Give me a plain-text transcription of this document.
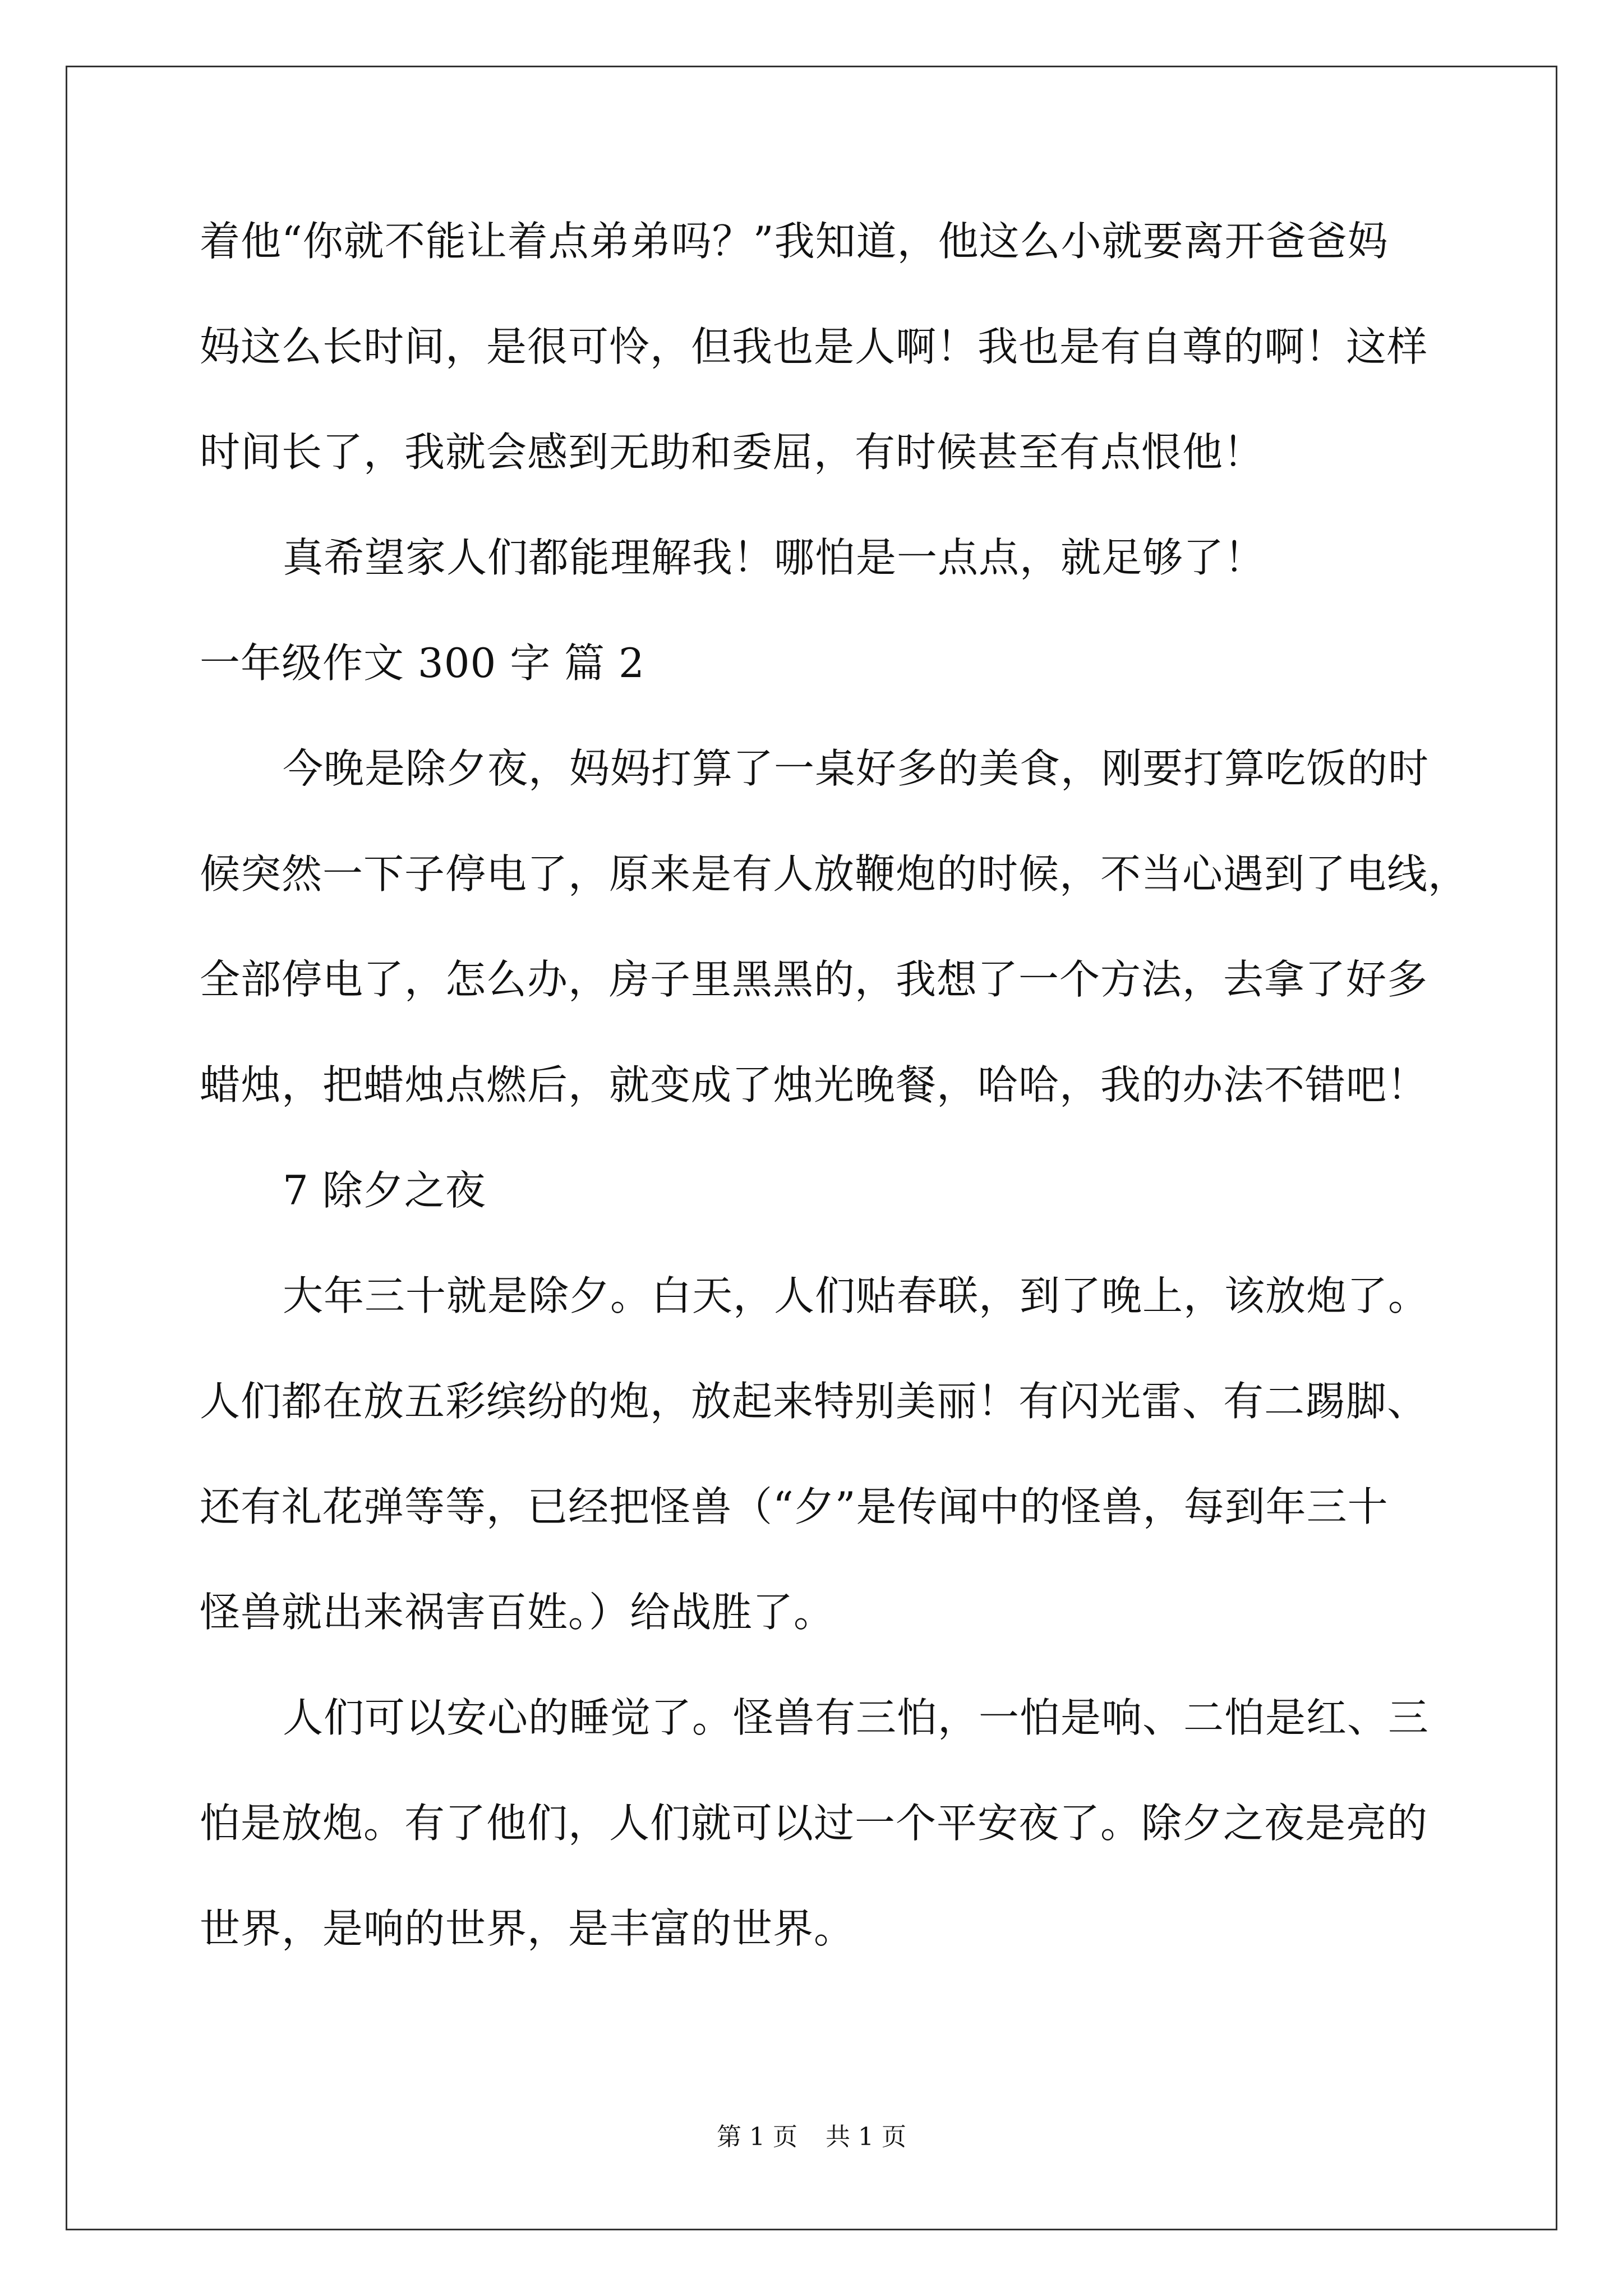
着他“你就不能让着点弟弟吗？”我知道，他这么小就要离开爸爸妈
妈这么长时间，是很可怜，但我也是人啊！我也是有自尊的啊！这样
时间长了，我就会感到无助和委屈，有时候甚至有点恨他！
真希望家人们都能理解我！哪怕是一点点，就足够了！
一年级作文 300 字 篇 2
今晚是除夕夜，妈妈打算了一桌好多的美食，刚要打算吃饭的时
候突然一下子停电了，原来是有人放鞭炮的时候，不当心遇到了电线，
全部停电了，怎么办，房子里黑黑的，我想了一个方法，去拿了好多
蜡烛，把蜡烛点燃后，就变成了烛光晚餐，哈哈，我的办法不错吧！
7 除夕之夜
大年三十就是除夕。白天，人们贴春联，到了晚上，该放炮了。
人们都在放五彩缤纷的炮，放起来特别美丽！有闪光雷、有二踢脚、
还有礼花弹等等，已经把怪兽（“夕”是传闻中的怪兽，每到年三十
怪兽就出来祸害百姓。）给战胜了。
人们可以安心的睡觉了。怪兽有三怕，一怕是响、二怕是红、三
怕是放炮。有了他们，人们就可以过一个平安夜了。除夕之夜是亮的
世界，是响的世界，是丰富的世界。
第 1 页 共 1 页
